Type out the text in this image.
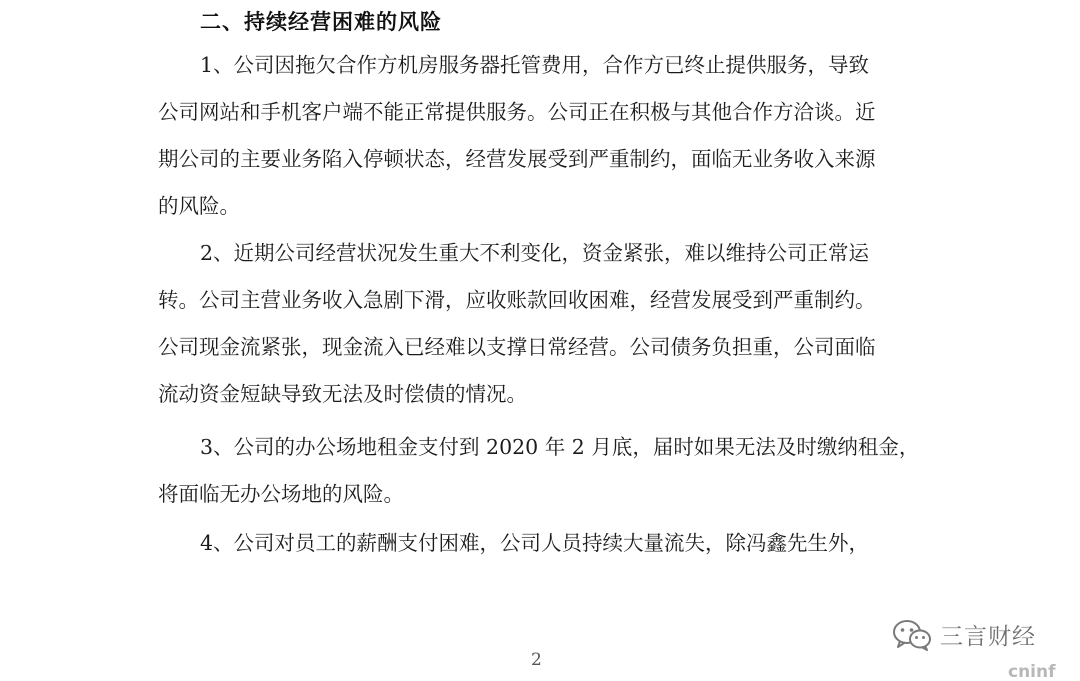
二、持续经营困难的风险
1、公司因拖欠合作方机房服务器托管费用，合作方已终止提供服务，导致
公司网站和手机客户端不能正常提供服务。公司正在积极与其他合作方洽谈。近
期公司的主要业务陷入停顿状态，经营发展受到严重制约，面临无业务收入来源
的风险。
2、近期公司经营状况发生重大不利变化，资金紧张，难以维持公司正常运
转。公司主营业务收入急剧下滑，应收账款回收困难，经营发展受到严重制约。
公司现金流紧张，现金流入已经难以支撑日常经营。公司债务负担重，公司面临
流动资金短缺导致无法及时偿债的情况。
3、公司的办公场地租金支付到 2020 年 2 月底，届时如果无法及时缴纳租金，
将面临无办公场地的风险。
4、公司对员工的薪酬支付困难，公司人员持续大量流失，除冯鑫先生外，
2
三言财经
cninf
